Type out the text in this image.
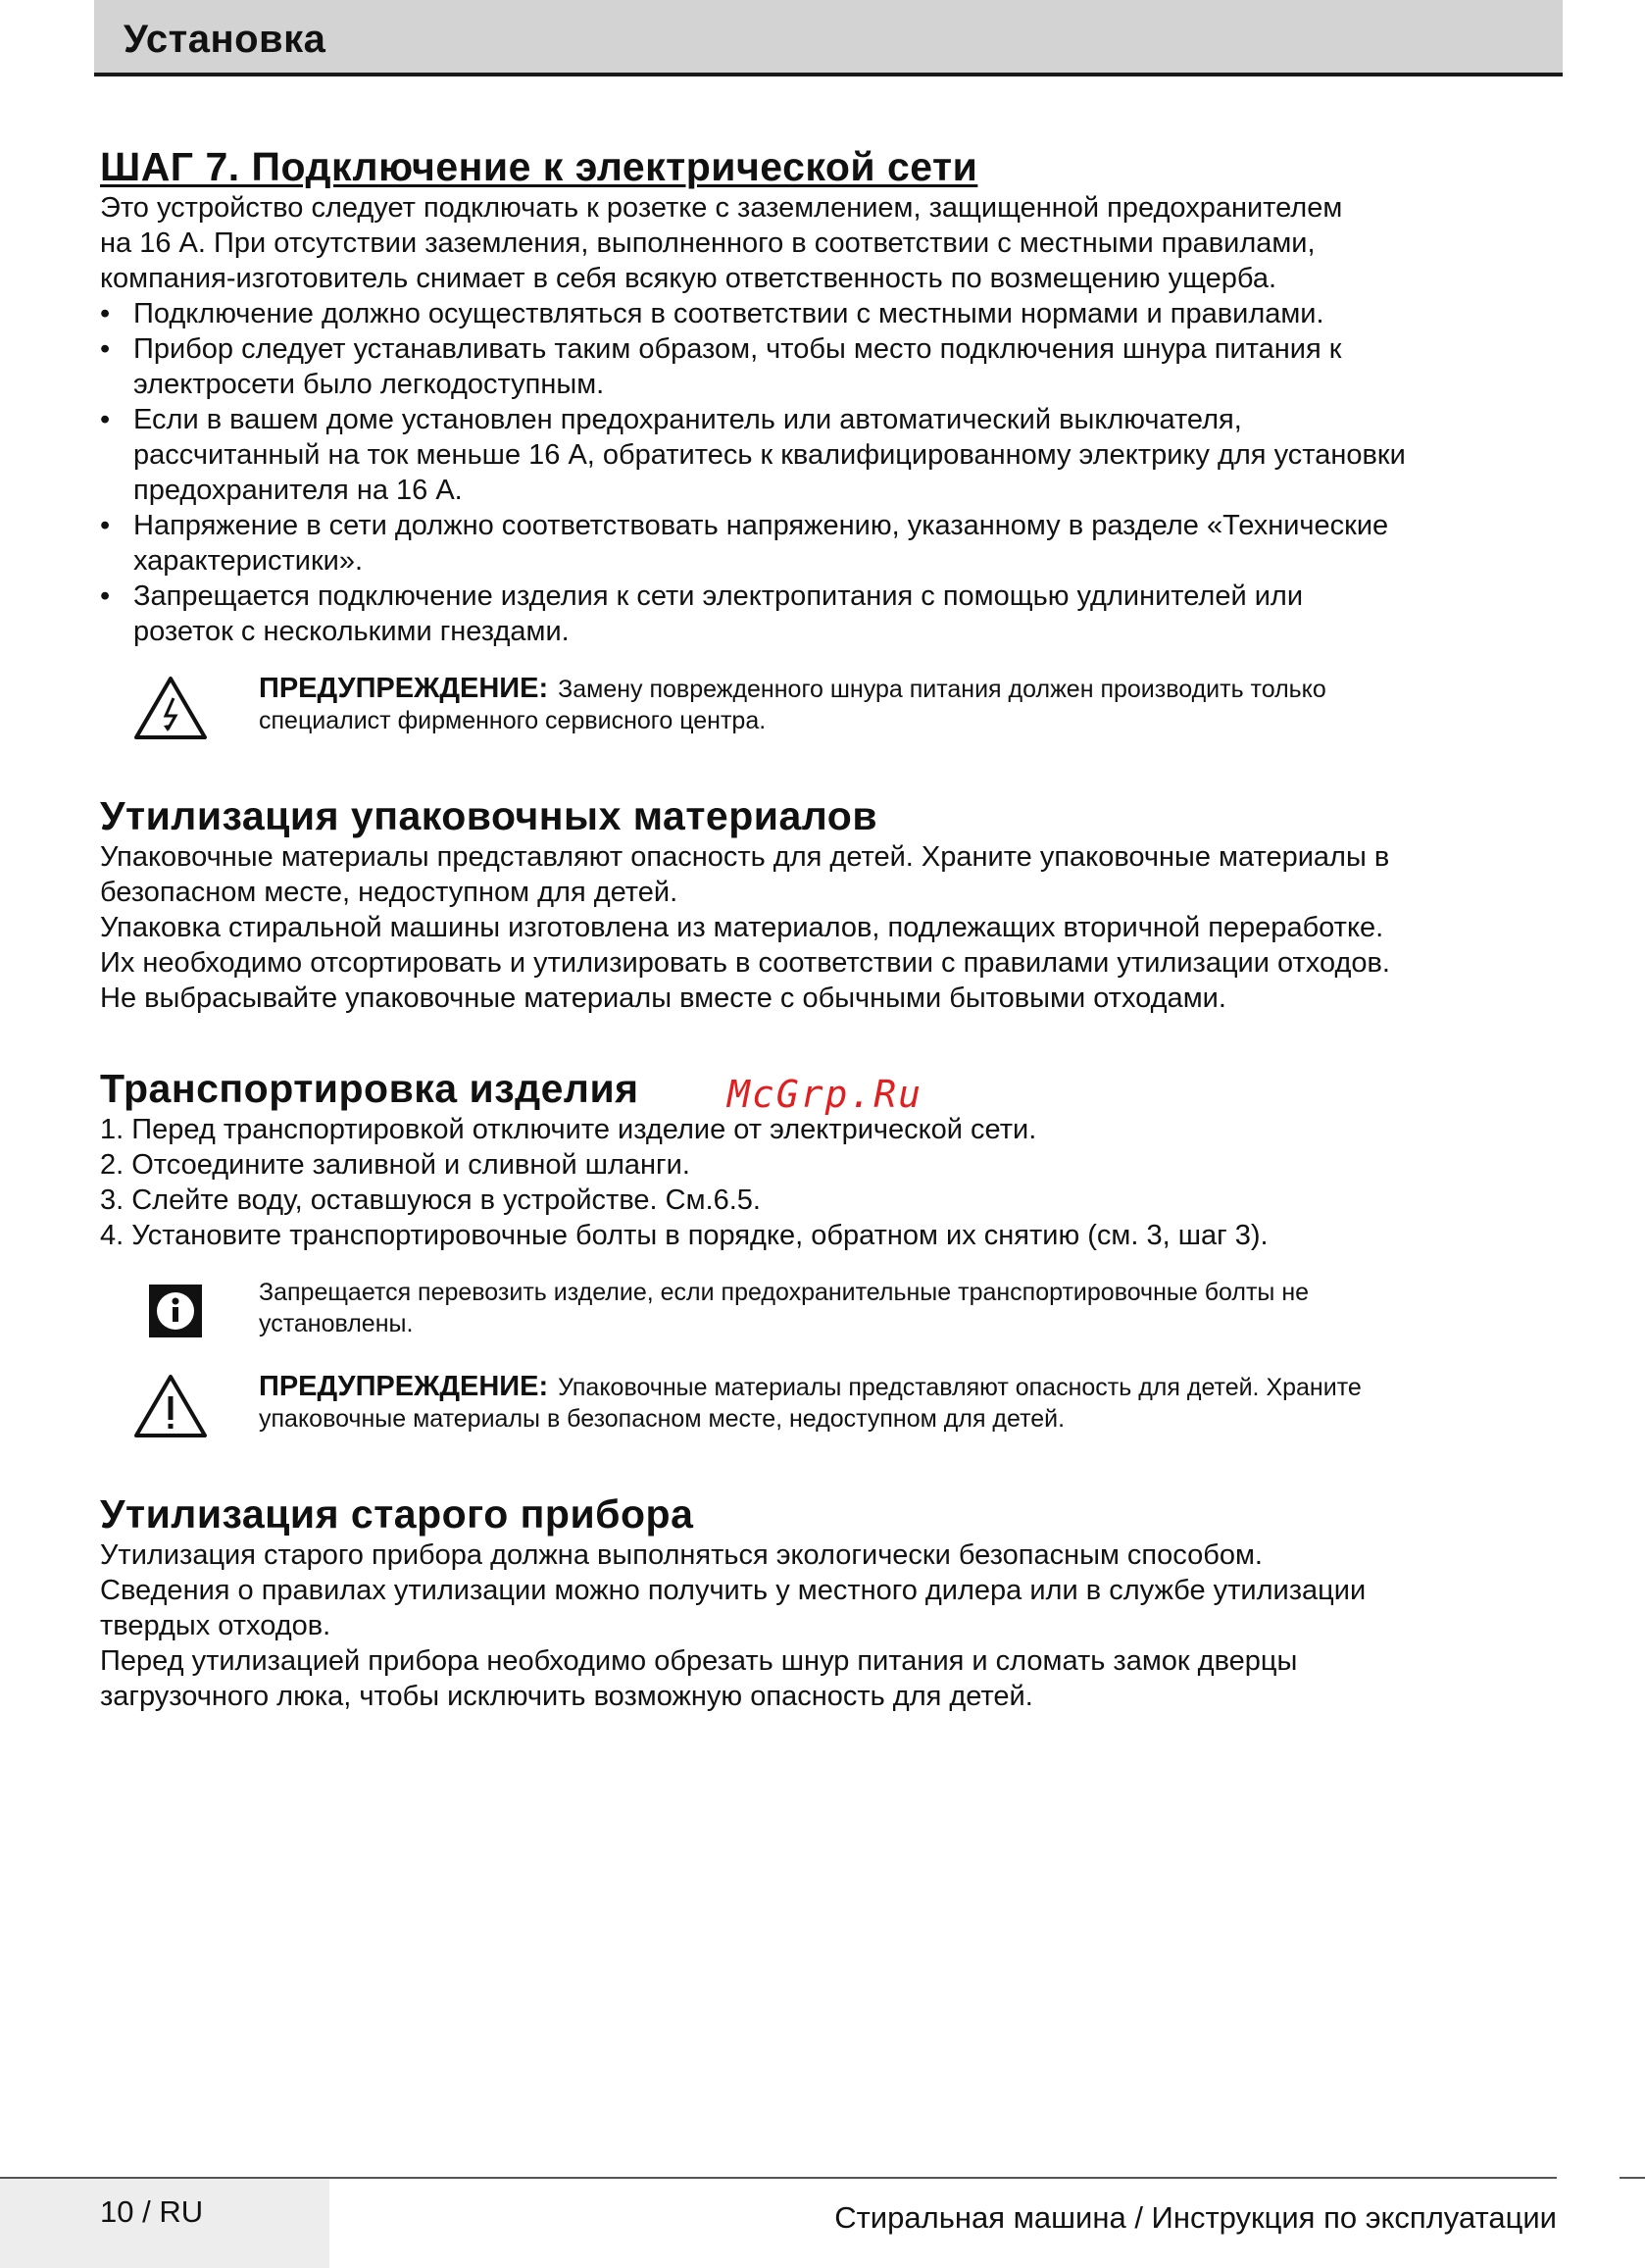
Установка
ШАГ 7. Подключение к электрической сети

Это устройство следует подключать к розетке с заземлением, защищенной предохранителем

на 16 А. При отсутствии заземления, выполненного в соответствии с местными правилами,

компания-изготовитель снимает в себя всякую ответственность по возмещению ущерба.

• Подключение должно осуществляться в соответствии с местными нормами и правилами.
• Прибор следует устанавливать таким образом, чтобы место подключения шнура питания к
электросети было легкодоступным.
• Если в вашем доме установлен предохранитель или автоматический выключателя,
рассчитанный на ток меньше 16 А, обратитесь к квалифицированному электрику для установки
предохранителя на 16 А.
• Напряжение в сети должно соответствовать напряжению, указанному в разделе «Технические
характеристики».
• Запрещается подключение изделия к сети электропитания с помощью удлинителей или
розеток с несколькими гнездами.
ПРЕДУПРЕЖДЕНИЕ: Замену поврежденного шнура питания должен производить только
специалист фирменного сервисного центра.
Утилизация упаковочных материалов

Упаковочные материалы представляют опасность для детей. Храните упаковочные материалы в

безопасном месте, недоступном для детей.

Упаковка стиральной машины изготовлена из материалов, подлежащих вторичной переработке.

Их необходимо отсортировать и утилизировать в соответствии с правилами утилизации отходов.

Не выбрасывайте упаковочные материалы вместе с обычными бытовыми отходами.

Транспортировка изделия
1. Перед транспортировкой отключите изделие от электрической сети.
2. Отсоедините заливной и сливной шланги.
3. Слейте воду, оставшуюся в устройстве. См.6.5.
4. Установите транспортировочные болты в порядке, обратном их снятию (см. 3, шаг 3).
Запрещается перевозить изделие, если предохранительные транспортировочные болты не
установлены.
ПРЕДУПРЕЖДЕНИЕ: Упаковочные материалы представляют опасность для детей. Храните
упаковочные материалы в безопасном месте, недоступном для детей.
Утилизация старого прибора

Утилизация старого прибора должна выполняться экологически безопасным способом.

Сведения о правилах утилизации можно получить у местного дилера или в службе утилизации

твердых отходов.

Перед утилизацией прибора необходимо обрезать шнур питания и сломать замок дверцы

загрузочного люка, чтобы исключить возможную опасность для детей.

McGrp.Ru
10 / RU	Стиральная машина / Инструкция по эксплуатации
